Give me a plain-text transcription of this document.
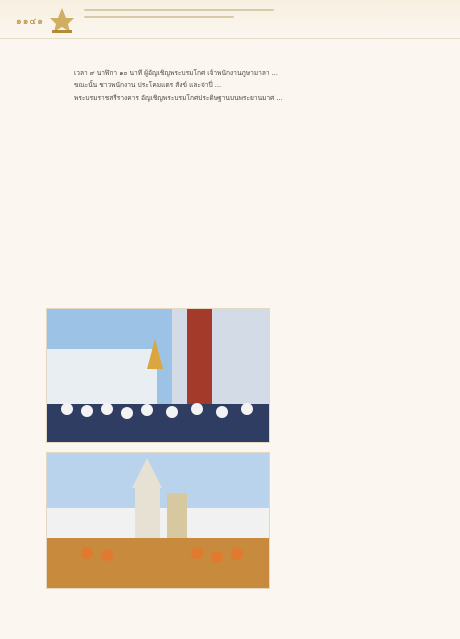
๑๑๔๑

เวลา ๙ นาฬิกา ๑๐ นาที ผู้อัญเชิญพระบรมโกศ เจ้าพนักงานภูษามาลา ...

ขณะนั้น ชาวพนักงาน ประโคมแตร สังข์ และจ่าปี่ ...

พระบรมราชสรีรางคาร อัญเชิญพระบรมโกศประดิษฐานบนพระยานมาศ ...
